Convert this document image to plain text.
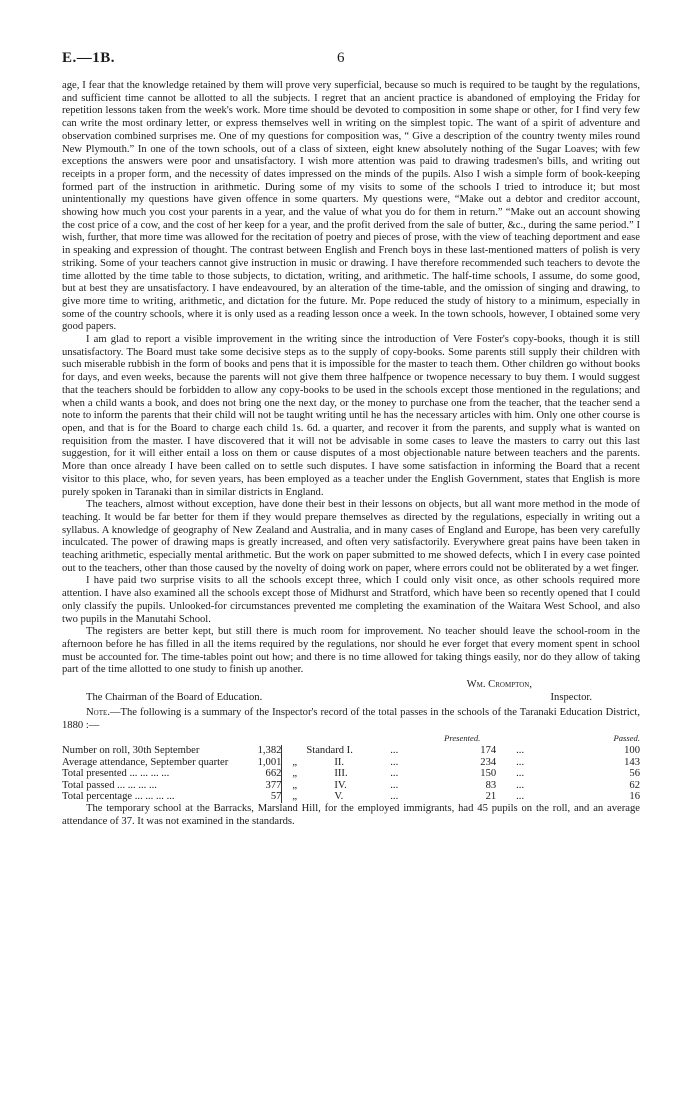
E.—1B.	6

age, I fear that the knowledge retained by them will prove very superficial, because so much is required to be taught by the regulations, and sufficient time cannot be allotted to all the subjects. I regret that an ancient practice is abandoned of employing the Friday for repetition lessons taken from the week's work. More time should be devoted to composition in some shape or other, for I find very few can write the most ordinary letter, or express themselves well in writing on the simplest topic. The want of a spirit of adventure and observation combined surprises me. One of my questions for composition was, “ Give a description of the country twenty miles round New Plymouth.” In one of the town schools, out of a class of sixteen, eight knew absolutely nothing of the Sugar Loaves; with few exceptions the answers were poor and unsatisfactory. I wish more attention was paid to drawing tradesmen's bills, and writing out receipts in a proper form, and the necessity of dates impressed on the minds of the pupils. Also I wish a simple form of book-keeping formed part of the instruction in arithmetic. During some of my visits to some of the schools I tried to introduce it; but most unintentionally my questions have given offence in some quarters. My questions were, “Make out a debtor and creditor account, showing how much you cost your parents in a year, and the value of what you do for them in return.” “Make out an account showing the cost price of a cow, and the cost of her keep for a year, and the profit derived from the sale of butter, &c., during the same period.” I wish, further, that more time was allowed for the recitation of poetry and pieces of prose, with the view of teaching deportment and ease in speaking and expression of thought. The contrast between English and French boys in these last-mentioned matters of polish is very striking. Some of your teachers cannot give instruction in music or drawing. I have therefore recommended such teachers to devote the time allotted by the time table to those subjects, to dictation, writing, and arithmetic. The half-time schools, I assume, do some good, but at best they are unsatisfactory. I have endeavoured, by an alteration of the time-table, and the omission of singing and drawing, to give more time to writing, arithmetic, and dictation for the future. Mr. Pope reduced the study of history to a minimum, especially in some of the country schools, where it is only used as a reading lesson once a week. In the town schools, however, I obtained some very good papers.

I am glad to report a visible improvement in the writing since the introduction of Vere Foster's copy-books, though it is still unsatisfactory. The Board must take some decisive steps as to the supply of copy-books. Some parents still supply their children with such miserable rubbish in the form of books and pens that it is impossible for the master to teach them. Other children go without books for days, and even weeks, because the parents will not give them three halfpence or twopence necessary to buy them. I would suggest that the teachers should be forbidden to allow any copy-books to be used in the schools except those mentioned in the regulations; and when a child wants a book, and does not bring one the next day, or the money to purchase one from the teacher, that the teacher send a note to inform the parents that their child will not be taught writing until he has the necessary articles with him. Only one other course is open, and that is for the Board to charge each child 1s. 6d. a quarter, and recover it from the parents, and supply what is wanted on requisition from the master. I have discovered that it will not be advisable in some cases to leave the masters to carry out this last suggestion, for it will either entail a loss on them or cause disputes of a most objectionable nature between teachers and the parents. More than once already I have been called on to settle such disputes. I have some satisfaction in informing the Board that a recent visitor to this place, who, for seven years, has been employed as a teacher under the English Government, states that English is more purely spoken in Taranaki than in similar districts in England.

The teachers, almost without exception, have done their best in their lessons on objects, but all want more method in the mode of teaching. It would be far better for them if they would prepare themselves as directed by the regulations, especially in writing out a syllabus. A knowledge of geography of New Zealand and Australia, and in many cases of England and Europe, has been very carefully inculcated. The power of drawing maps is greatly increased, and often very satisfactorily. Everywhere great pains have been taken in teaching arithmetic, especially mental arithmetic. But the work on paper submitted to me showed defects, which I in every case pointed out to the teachers, other than those caused by the novelty of doing work on paper, where errors could not be obliterated by a wet finger.

I have paid two surprise visits to all the schools except three, which I could only visit once, as other schools required more attention. I have also examined all the schools except those of Midhurst and Stratford, which have been so recently opened that I could only classify the pupils. Unlooked-for circumstances prevented me completing the examination of the Waitara West School, and also two pupils in the Manutahi School.

The registers are better kept, but still there is much room for improvement. No teacher should leave the school-room in the afternoon before he has filled in all the items required by the regulations, nor should he ever forget that every moment spent in school must be accounted for. The time-tables point out how; and there is no time allowed for taking things easily, nor do they allow of taking part of the time allotted to one study to finish up another.

Wm. Crompton,
The Chairman of the Board of Education.	Inspector.

Note.—The following is a summary of the Inspector's record of the total passes in the schools of the Taranaki Education District, 1880 :—

						Presented.		Passed.
Number on roll, 30th September	1,382			Standard I.	...	174	...	100
Average attendance, September quarter	1,001		„	II.	...	234	...	143
Total presented ... ... ... ...	662		„	III.	...	150	...	56
Total passed ... ... ... ...	377		„	IV.	...	83	...	62
Total percentage ... ... ... ...	57		„	V.	...	21	...	16

The temporary school at the Barracks, Marsland Hill, for the employed immigrants, had 45 pupils on the roll, and an average attendance of 37. It was not examined in the standards.
